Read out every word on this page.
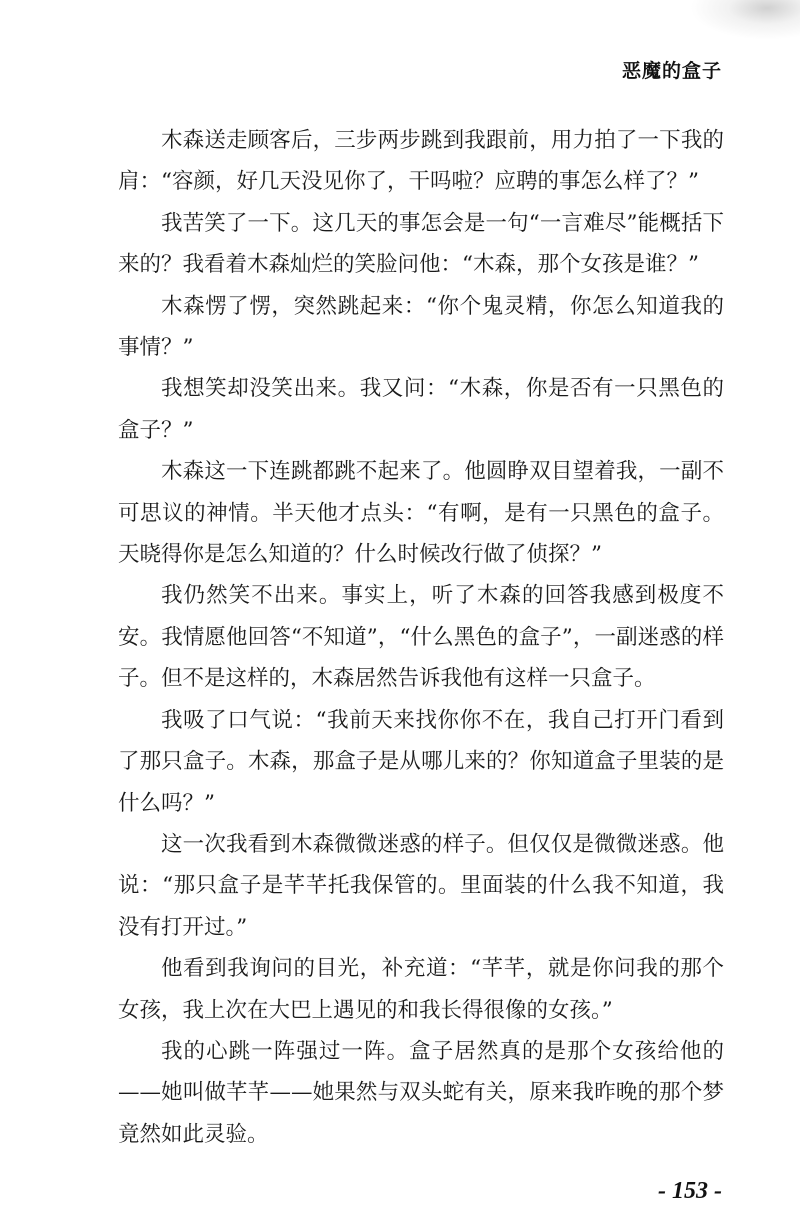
恶魔的盒子

木森送走顾客后，三步两步跳到我跟前，用力拍了一下我的肩：“容颜，好几天没见你了，干吗啦？应聘的事怎么样了？”

我苦笑了一下。这几天的事怎会是一句“一言难尽”能概括下来的？我看着木森灿烂的笑脸问他：“木森，那个女孩是谁？”

木森愣了愣，突然跳起来：“你个鬼灵精，你怎么知道我的事情？”

我想笑却没笑出来。我又问：“木森，你是否有一只黑色的盒子？”

木森这一下连跳都跳不起来了。他圆睁双目望着我，一副不可思议的神情。半天他才点头：“有啊，是有一只黑色的盒子。天晓得你是怎么知道的？什么时候改行做了侦探？”

我仍然笑不出来。事实上，听了木森的回答我感到极度不安。我情愿他回答“不知道”，“什么黑色的盒子”，一副迷惑的样子。但不是这样的，木森居然告诉我他有这样一只盒子。

我吸了口气说：“我前天来找你你不在，我自己打开门看到了那只盒子。木森，那盒子是从哪儿来的？你知道盒子里装的是什么吗？”

这一次我看到木森微微迷惑的样子。但仅仅是微微迷惑。他说：“那只盒子是芊芊托我保管的。里面装的什么我不知道，我没有打开过。”

他看到我询问的目光，补充道：“芊芊，就是你问我的那个女孩，我上次在大巴上遇见的和我长得很像的女孩。”

我的心跳一阵强过一阵。盒子居然真的是那个女孩给他的——她叫做芊芊——她果然与双头蛇有关，原来我昨晚的那个梦竟然如此灵验。

- 153 -
